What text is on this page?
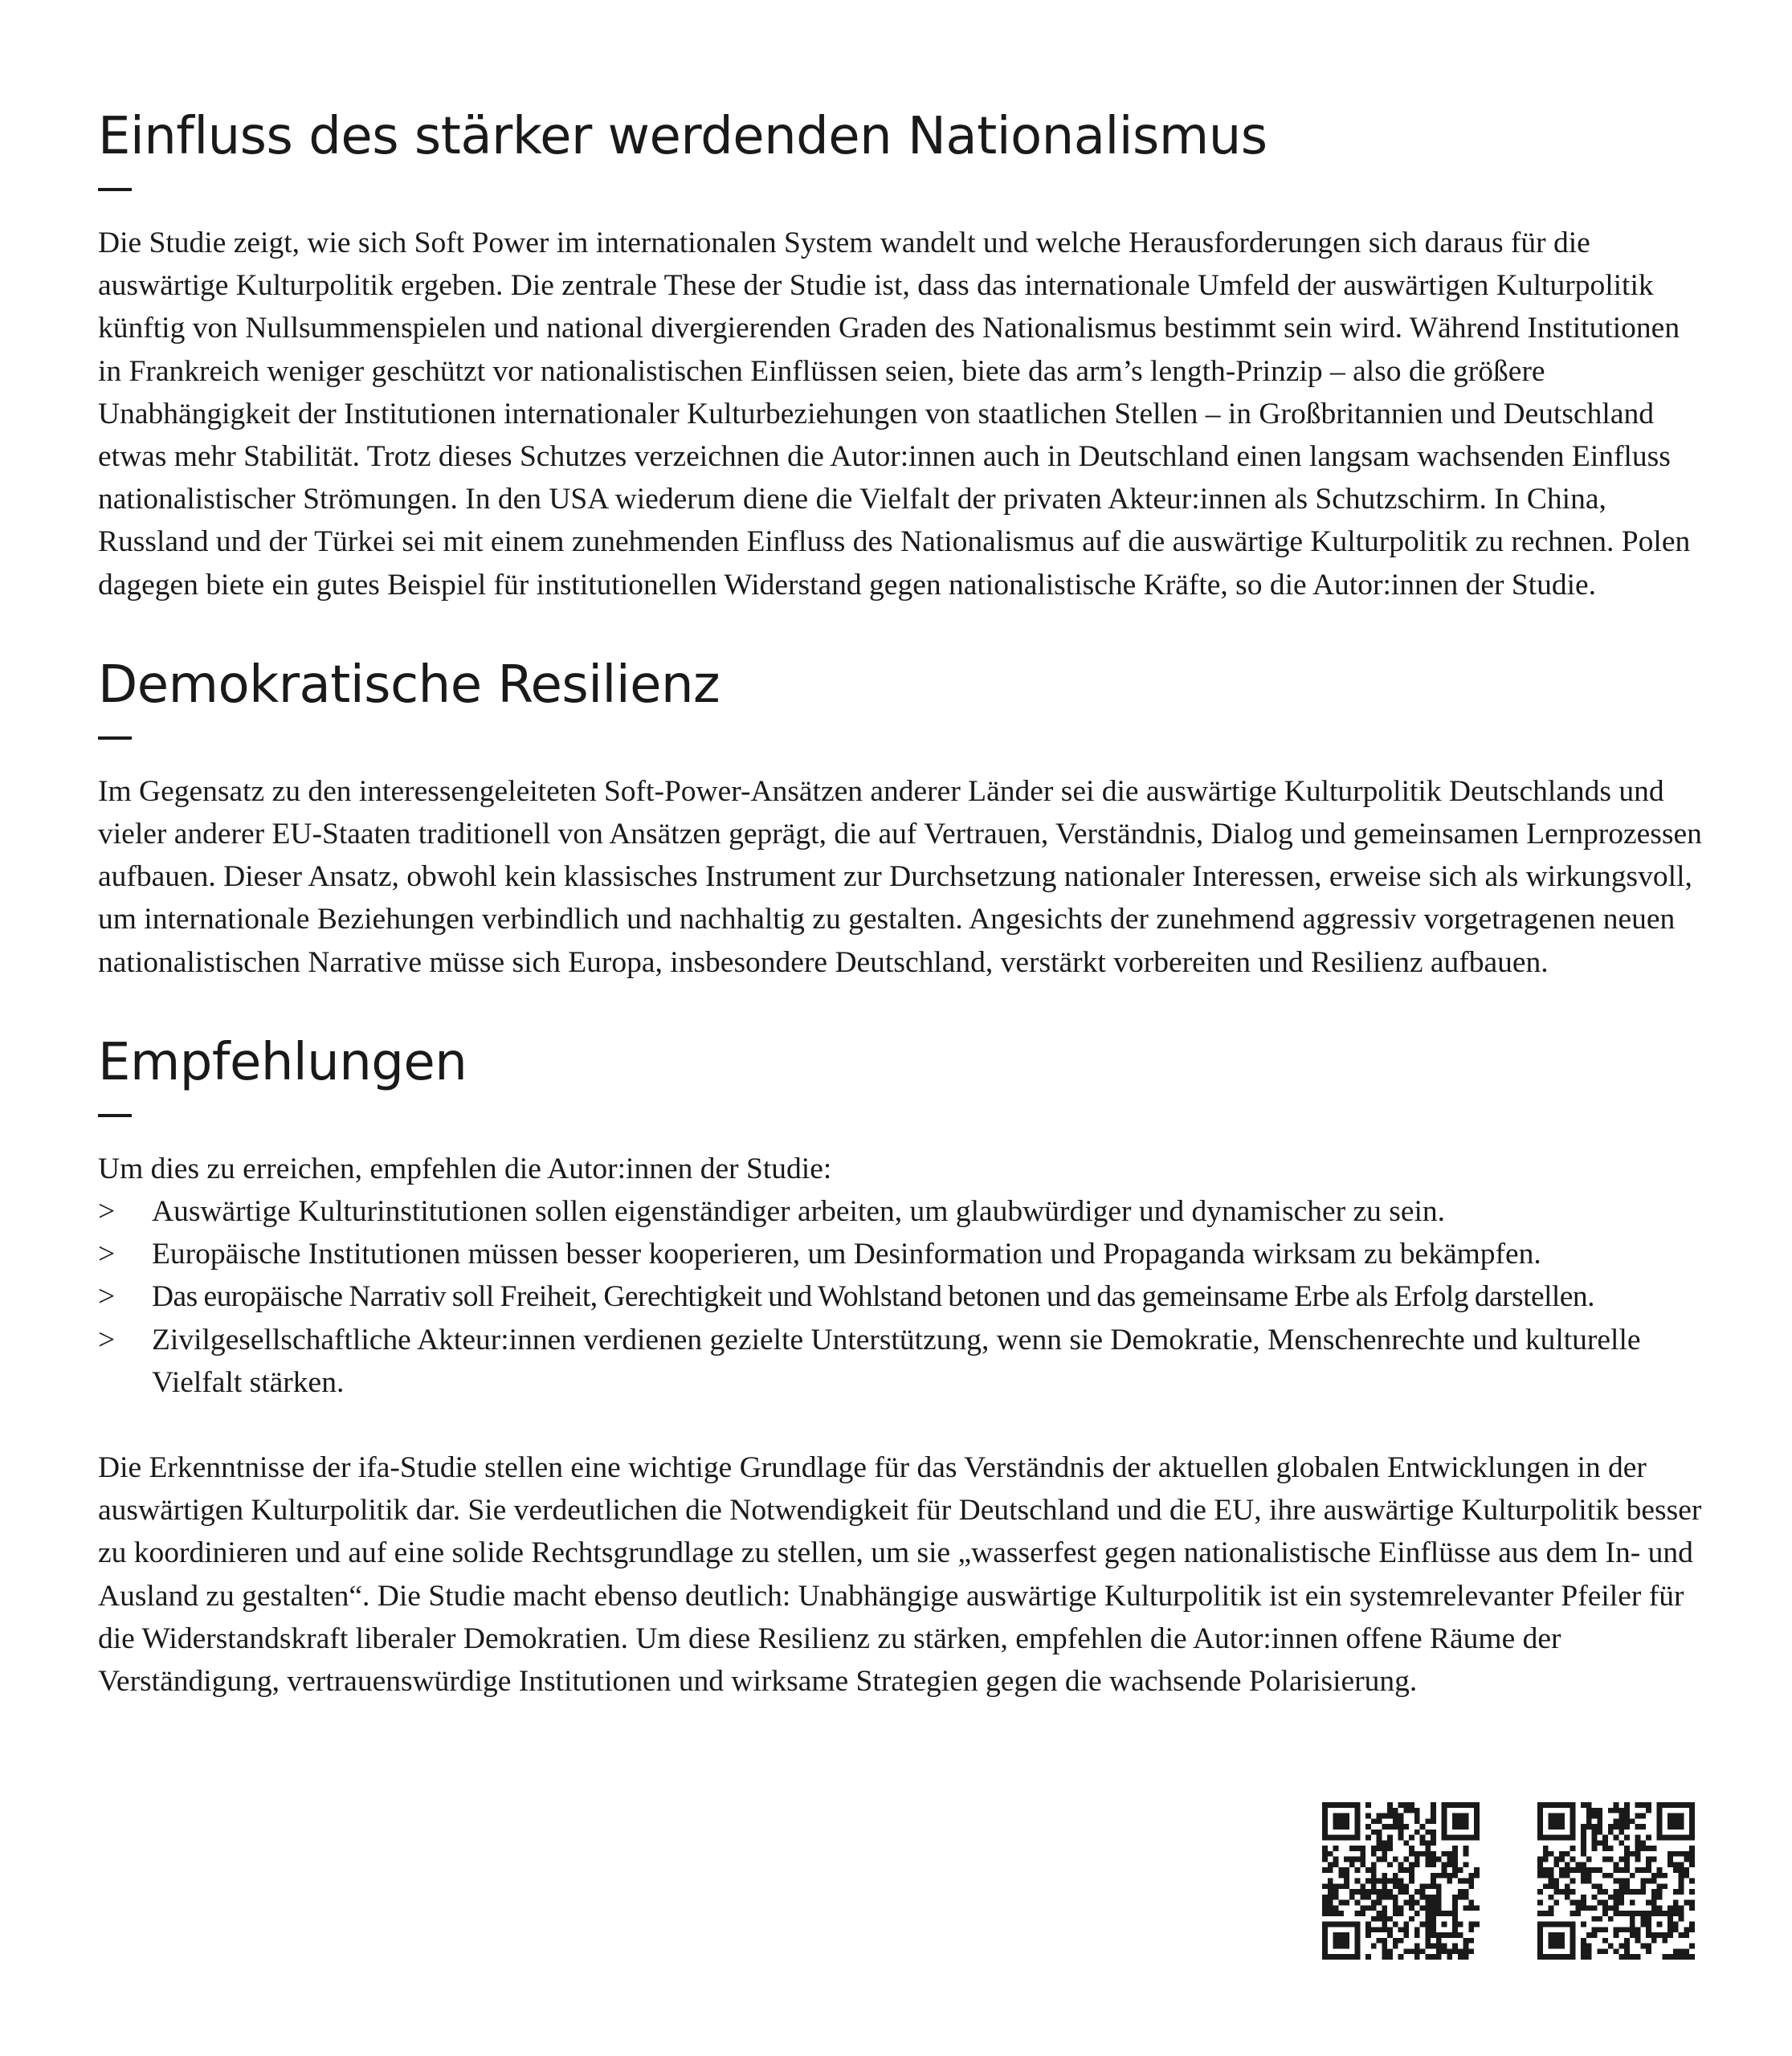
Einfluss des stärker werdenden Nationalismus

Die Studie zeigt, wie sich Soft Power im internationalen System wandelt und welche Herausforderungen sich daraus für die auswärtige Kulturpolitik ergeben. Die zentrale These der Studie ist, dass das internationale Umfeld der auswärtigen Kulturpolitik künftig von Nullsummenspielen und national divergierenden Graden des Nationalismus bestimmt sein wird. Während Institutionen in Frankreich weniger geschützt vor nationalistischen Einflüssen seien, biete das arm’s length-Prinzip – also die größere Unabhängigkeit der Institutionen internationaler Kulturbeziehungen von staatlichen Stellen – in Großbritannien und Deutschland etwas mehr Stabilität. Trotz dieses Schutzes verzeichnen die Autor:innen auch in Deutschland einen langsam wachsenden Einfluss nationalistischer Strömungen. In den USA wiederum diene die Vielfalt der privaten Akteur:innen als Schutzschirm. In China, Russland und der Türkei sei mit einem zunehmenden Einfluss des Nationalismus auf die auswärtige Kulturpolitik zu rechnen. Polen dagegen biete ein gutes Beispiel für institutionellen Widerstand gegen nationalistische Kräfte, so die Autor:innen der Studie.

Demokratische Resilienz

Im Gegensatz zu den interessengeleiteten Soft-Power-Ansätzen anderer Länder sei die auswärtige Kulturpolitik Deutschlands und vieler anderer EU-Staaten traditionell von Ansätzen geprägt, die auf Vertrauen, Verständnis, Dialog und gemeinsamen Lernprozessen aufbauen. Dieser Ansatz, obwohl kein klassisches Instrument zur Durchsetzung nationaler Interessen, erweise sich als wirkungsvoll, um internationale Beziehungen verbindlich und nachhaltig zu gestalten. Angesichts der zunehmend aggressiv vorgetragenen neuen nationalistischen Narrative müsse sich Europa, insbesondere Deutschland, verstärkt vorbereiten und Resilienz aufbauen.

Empfehlungen

Um dies zu erreichen, empfehlen die Autor:innen der Studie:

> Auswärtige Kulturinstitutionen sollen eigenständiger arbeiten, um glaubwürdiger und dynamischer zu sein.
> Europäische Institutionen müssen besser kooperieren, um Desinformation und Propaganda wirksam zu bekämpfen.
> Das europäische Narrativ soll Freiheit, Gerechtigkeit und Wohlstand betonen und das gemeinsame Erbe als Erfolg darstellen.
> Zivilgesellschaftliche Akteur:innen verdienen gezielte Unterstützung, wenn sie Demokratie, Menschenrechte und kulturelle Vielfalt stärken.

Die Erkenntnisse der ifa-Studie stellen eine wichtige Grundlage für das Verständnis der aktuellen globalen Entwicklungen in der auswärtigen Kulturpolitik dar. Sie verdeutlichen die Notwendigkeit für Deutschland und die EU, ihre auswärtige Kulturpolitik besser zu koordinieren und auf eine solide Rechtsgrundlage zu stellen, um sie „wasserfest gegen nationalistische Einflüsse aus dem In- und Ausland zu gestalten“. Die Studie macht ebenso deutlich: Unabhängige auswärtige Kulturpolitik ist ein systemrelevanter Pfeiler für die Widerstandskraft liberaler Demokratien. Um diese Resilienz zu stärken, empfehlen die Autor:innen offene Räume der Verständigung, vertrauenswürdige Institutionen und wirksame Strategien gegen die wachsende Polarisierung.
